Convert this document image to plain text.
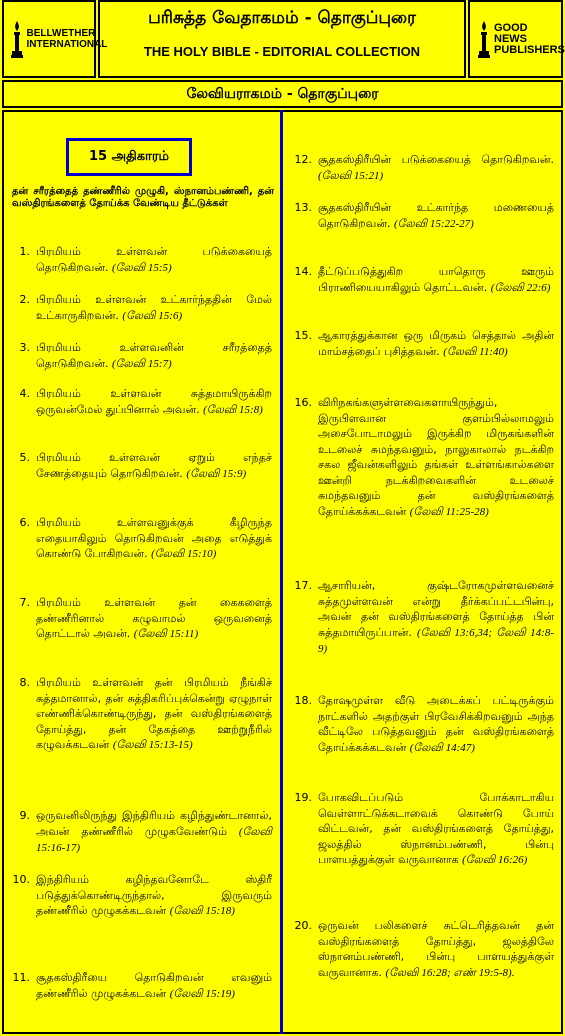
BELLWETHER INTERNATIONAL
பரிசுத்த வேதாகமம் - தொகுப்புரை
THE HOLY BIBLE - EDITORIAL COLLECTION
GOOD NEWS PUBLISHERS
லேவியராகமம் - தொகுப்புரை
15 அதிகாரம்
தன் சரீரத்தைத் தண்ணீரில் முழுகி, ஸ்நானம்பண்ணி, தன் வஸ்திரங்களைத் தோய்க்க வேண்டிய தீட்டுக்கள்
1. பிரமியம் உள்ளவன் படுக்கையைத் தொடுகிறவன். (லேவி 15:5)
2. பிரமியம் உள்ளவன் உட்கார்ந்ததின் மேல் உட்காருகிறவன். (லேவி 15:6)
3. பிரமியம் உள்ளவனின் சரீரத்தைத் தொடுகிறவன். (லேவி 15:7)
4. பிரமியம் உள்ளவன் சுத்தமாயிருக்கிற ஒருவன்மேல் துப்பினால் அவன். (லேவி 15:8)
5. பிரமியம் உள்ளவன் ஏறும் எந்தச் சேணத்தையும் தொடுகிறவன். (லேவி 15:9)
6. பிரமியம் உள்ளவனுக்குக் கீழிருந்த எதையாகிலும் தொடுகிறவன் அதை எடுத்துக் கொண்டு போகிறவன். (லேவி 15:10)
7. பிரமியம் உள்ளவன் தன் கைகளைத் தண்ணீரினால் கழுவாமல் ஒருவனைத் தொட்டால் அவன். (லேவி 15:11)
8. பிரமியம் உள்ளவன் தன் பிரமியம் நீங்கிச் சுத்தமானால், தன் சுத்திகரிப்புக்கென்று ஏழுநாள் எண்ணிக்கொண்டிருந்து, தன் வஸ்திரங்களைத் தோய்த்து, தன் தேகத்தை ஊற்றுநீரில் கழுவக்கடவன் (லேவி 15:13-15)
9. ஒருவனிலிருந்து இந்திரியம் கழிந்துண்டானால், அவன் தண்ணீரில் முழுகவேண்டும் (லேவி 15:16-17)
10. இந்திரியம் கழிந்தவனோடே ஸ்திரீ படுத்துக்கொண்டிருந்தால், இருவரும் தண்ணீரில் முழுகக்கடவன் (லேவி 15:18)
11. சூதகஸ்திரீயை தொடுகிறவன் எவனும் தண்ணீரில் முழுகக்கடவன் (லேவி 15:19)
12. சூதகஸ்திரீயின் படுக்கையைத் தொடுகிறவன். (லேவி 15:21)
13. சூதகஸ்திரீயின் உட்கார்ந்த மணையைத் தொடுகிறவன். (லேவி 15:22-27)
14. தீட்டுப்படுத்துகிற யாதொரு ஊரும் பிராணியையாகிலும் தொட்டவன். (லேவி 22:6)
15. ஆகாரத்துக்கான ஒரு மிருகம் செத்தால் அதின் மாம்சத்தைப் புசித்தவன். (லேவி 11:40)
16. விரிநகங்களுள்ளவைகளாயிருந்தும், இருபிளவான குளம்பில்லாமலும் அசைபோடாமலும் இருக்கிற மிருகங்களின் உடலைச் சுமந்தவனும், நாலுகாலால் நடக்கிற சகல ஜீவன்களிலும் தங்கள் உள்ளங்கால்களை ஊன்றி நடக்கிறவைகளின் உடலைச் சுமந்தவனும் தன் வஸ்திரங்களைத் தோய்க்கக்கடவன் (லேவி 11:25-28)
17. ஆசாரியன், குஷ்டரோகமுள்ளவனைச் சுத்தமுள்ளவன் என்று தீர்க்கப்பட்டபின்பு, அவன் தன் வஸ்திரங்களைத் தோய்த்த பின் சுத்தமாயிருப்பான். (லேவி 13:6,34; லேவி 14:8-9)
18. தோஷமுள்ள வீடு அடைக்கப் பட்டிருக்கும் நாட்களில் அதற்குள் பிரவேசிக்கிறவனும் அந்த வீட்டிலே படுத்தவனும் தன் வஸ்திரங்களைத் தோய்க்கக்கடவன் (லேவி 14:47)
19. போகவிடப்படும் போக்காடாகிய வெள்ளாட்டுக்கடாவைக் கொண்டு போய் விட்டவன், தன் வஸ்திரங்களைத் தோய்த்து, ஜலத்தில் ஸ்நானம்பண்ணி, பின்பு பாளயத்துக்குள் வருவானாக (லேவி 16:26)
20. ஒருவன் பலிகளைச் சுட்டெரித்தவன் தன் வஸ்திரங்களைத் தோய்த்து, ஜலத்திலே ஸ்நானம்பண்ணி, பின்பு பாளயத்துக்குள் வருவானாக. (லேவி 16:28; எண் 19:5-8).
